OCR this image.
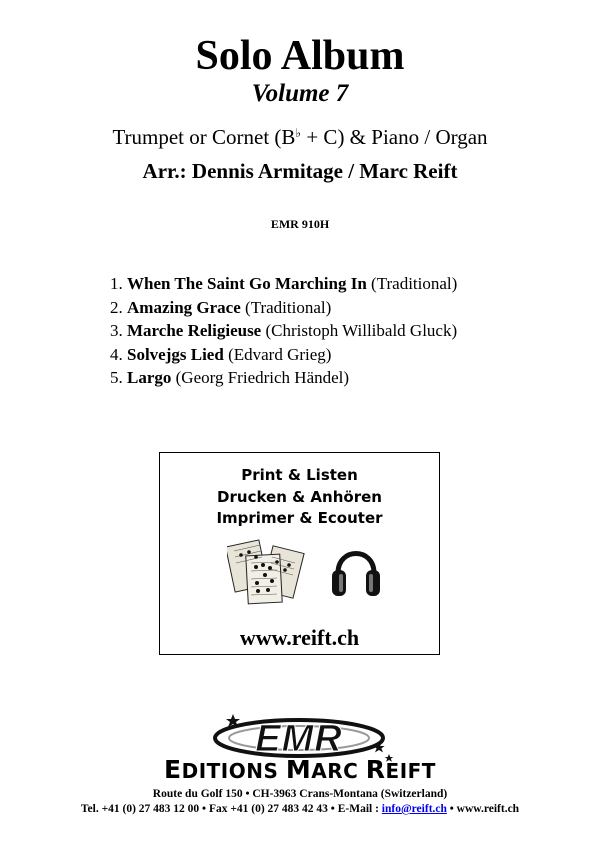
Solo Album
Volume 7
Trumpet or Cornet (B♭ + C) & Piano / Organ
Arr.: Dennis Armitage / Marc Reift
EMR 910H
1. When The Saint Go Marching In (Traditional)
2. Amazing Grace (Traditional)
3. Marche Religieuse (Christoph Willibald Gluck)
4. Solvejgs Lied (Edvard Grieg)
5. Largo (Georg Friedrich Händel)
Print & Listen
Drucken & Anhören
Imprimer & Ecouter
www.reift.ch
EMR
EDITIONS MARC REIFT
Route du Golf 150 • CH-3963 Crans-Montana (Switzerland)
Tel. +41 (0) 27 483 12 00 • Fax +41 (0) 27 483 42 43 • E-Mail : info@reift.ch • www.reift.ch
